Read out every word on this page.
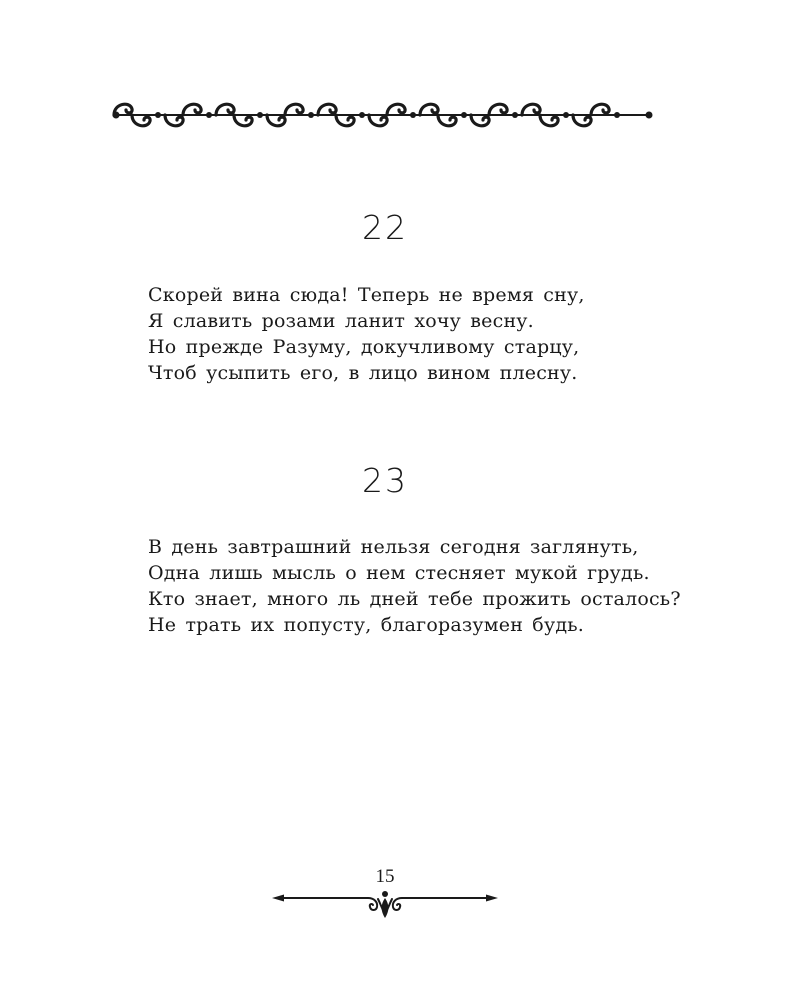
22
Скорей вина сюда! Теперь не время сну,
Я славить розами ланит хочу весну.
Но прежде Разуму, докучливому старцу,
Чтоб усыпить его, в лицо вином плесну.
23
В день завтрашний нельзя сегодня заглянуть,
Одна лишь мысль о нем стесняет мукой грудь.
Кто знает, много ль дней тебе прожить осталось?
Не трать их попусту, благоразумен будь.
15
